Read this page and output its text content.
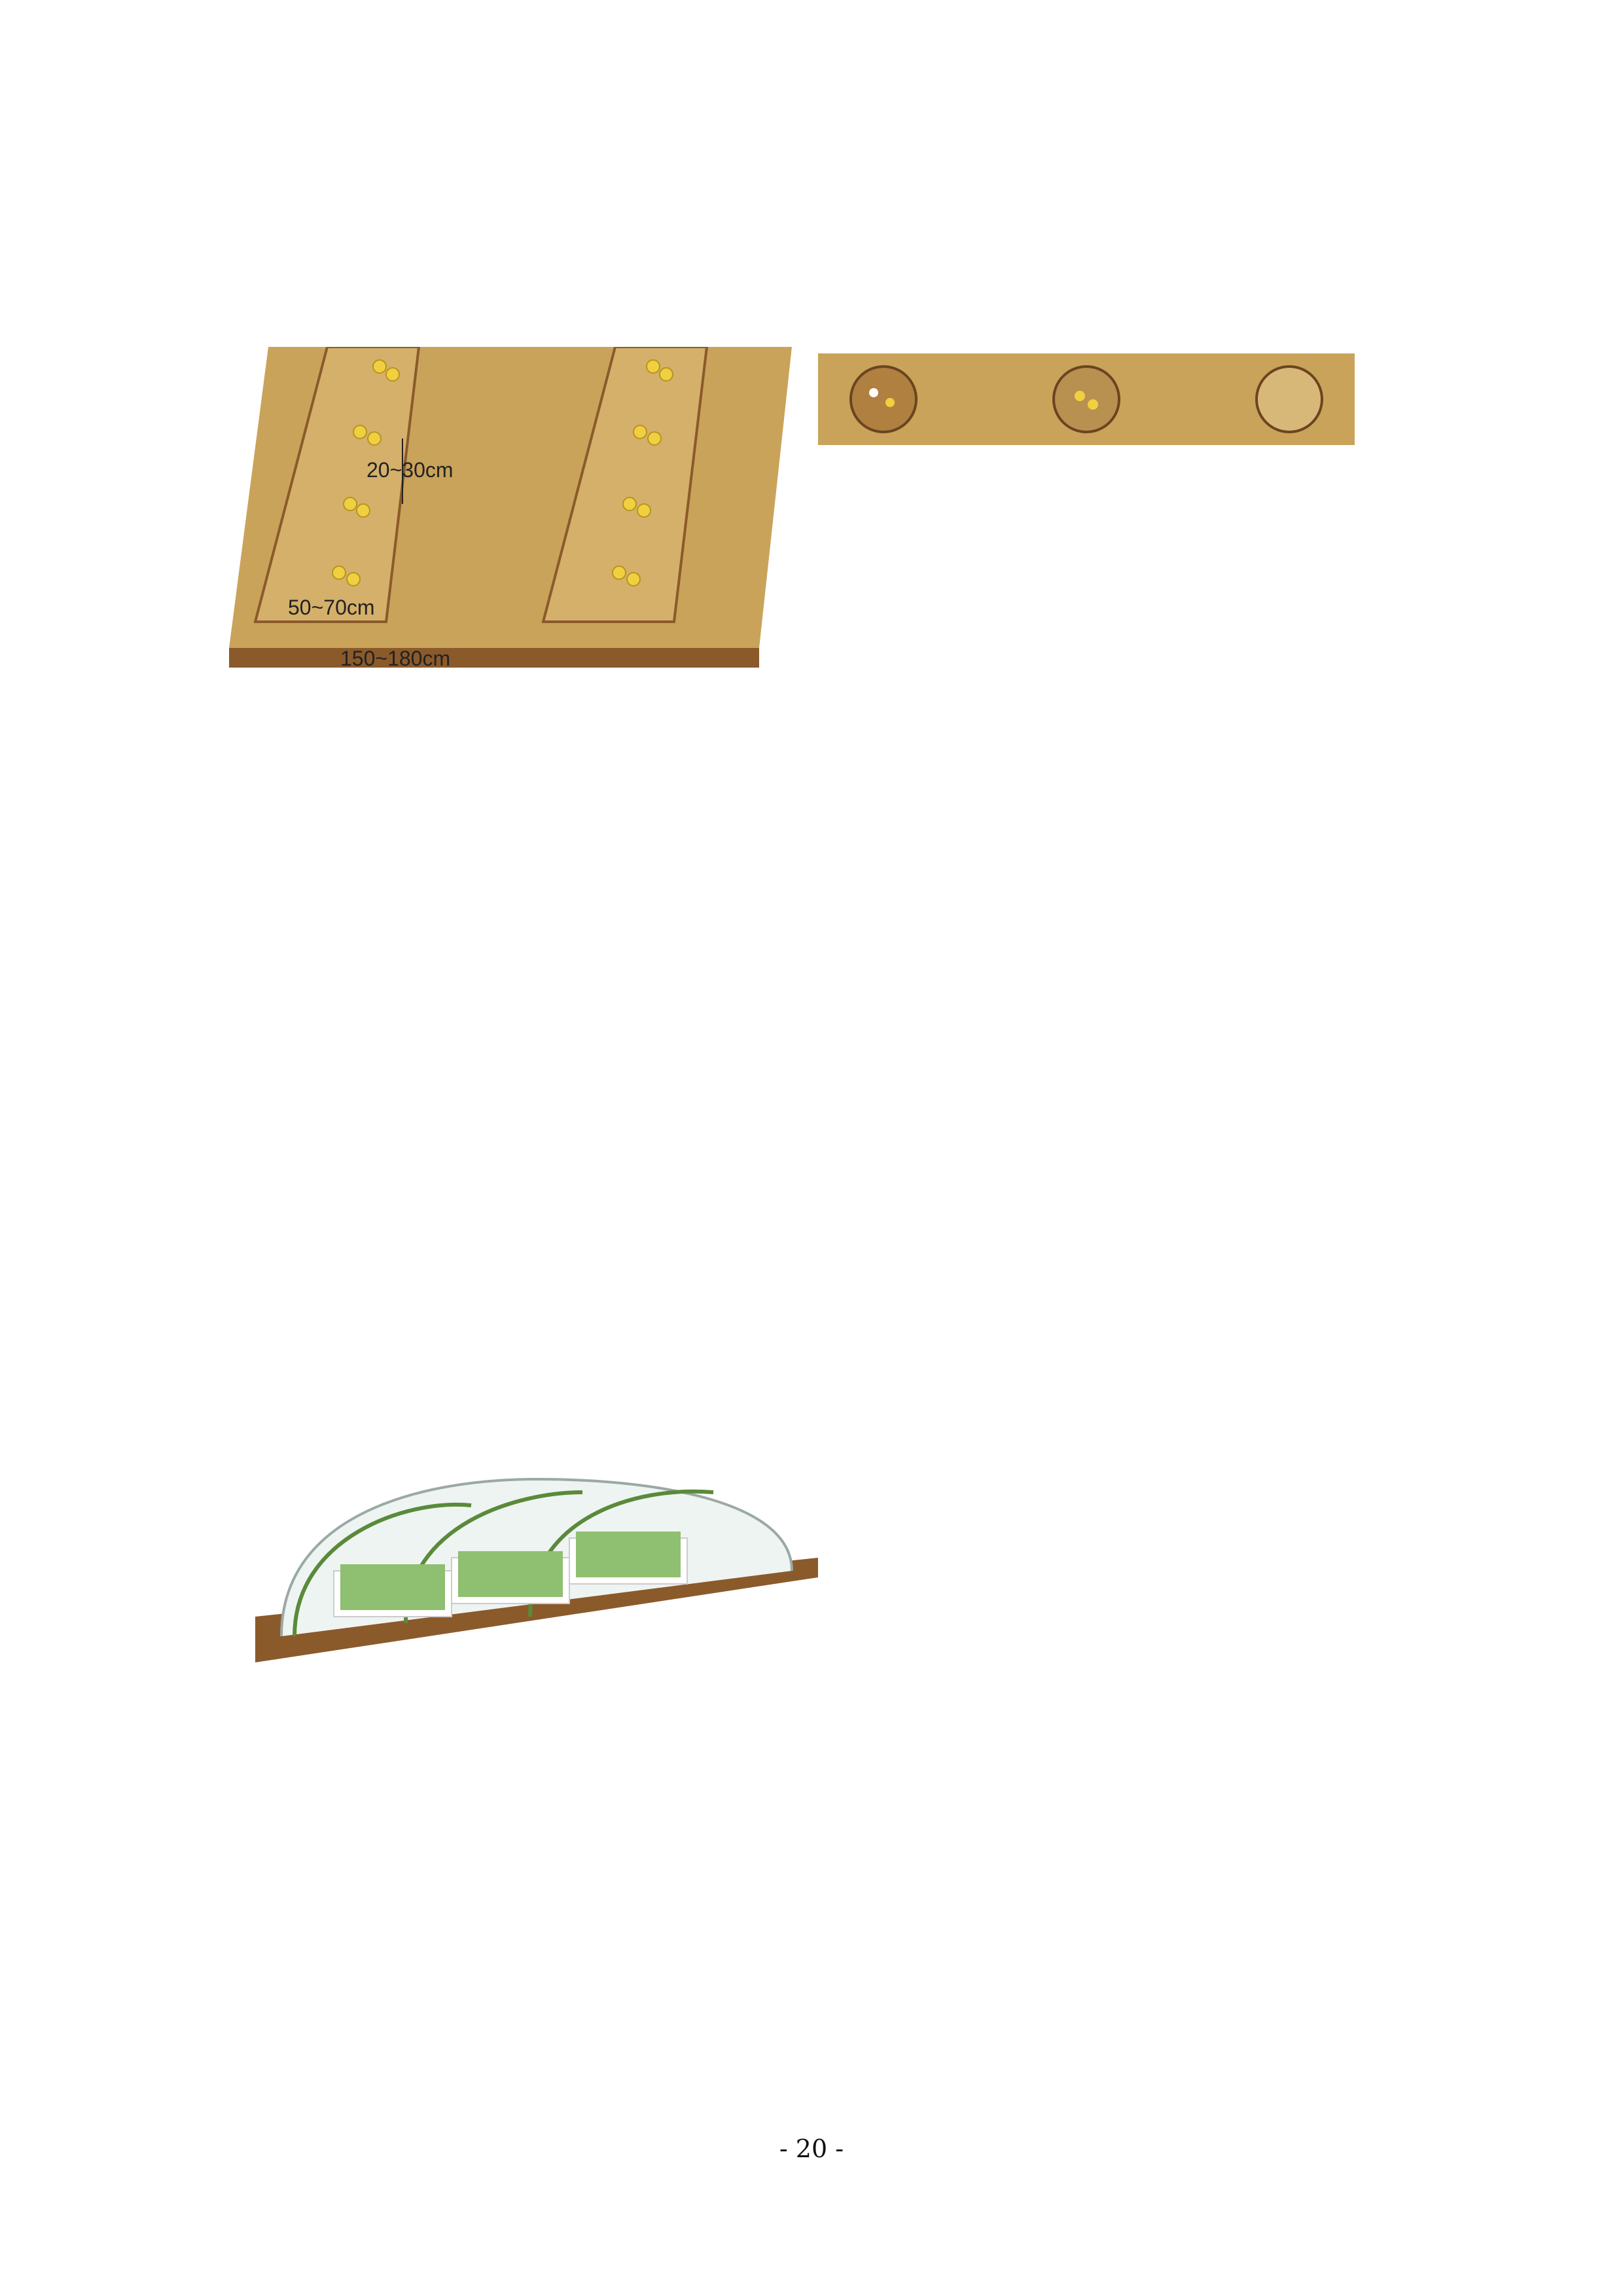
20~30cm
50~70cm
150~180cm
- 20 -
